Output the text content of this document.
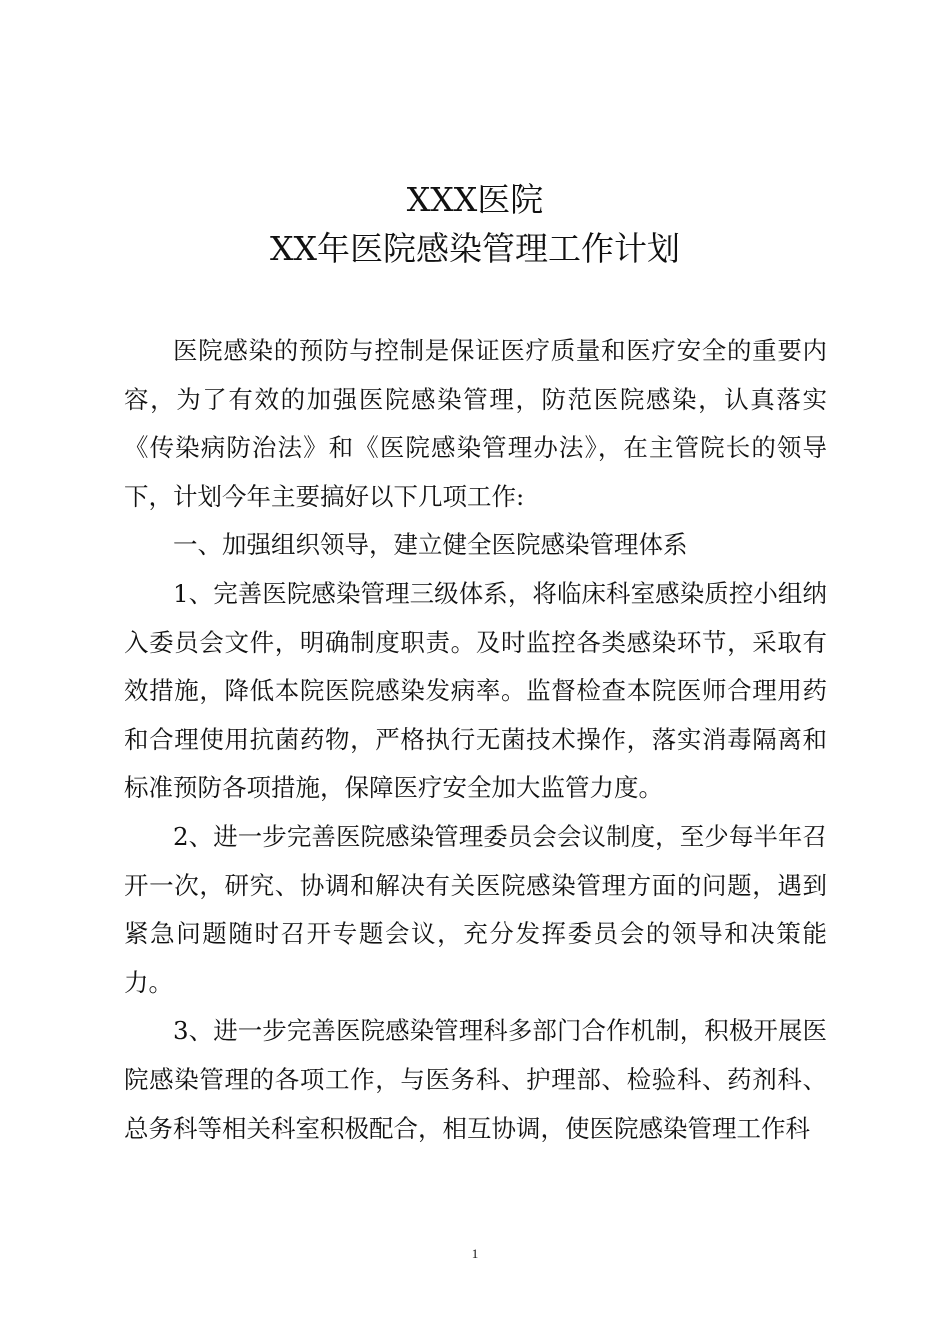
XXX医院
XX年医院感染管理工作计划

医院感染的预防与控制是保证医疗质量和医疗安全的重要内容，为了有效的加强医院感染管理，防范医院感染，认真落实《传染病防治法》和《医院感染管理办法》，在主管院长的领导下，计划今年主要搞好以下几项工作:

一、加强组织领导，建立健全医院感染管理体系

1、完善医院感染管理三级体系，将临床科室感染质控小组纳入委员会文件，明确制度职责。及时监控各类感染环节，采取有效措施，降低本院医院感染发病率。监督检查本院医师合理用药和合理使用抗菌药物，严格执行无菌技术操作，落实消毒隔离和标准预防各项措施，保障医疗安全加大监管力度。

2、进一步完善医院感染管理委员会会议制度，至少每半年召开一次，研究、协调和解决有关医院感染管理方面的问题，遇到紧急问题随时召开专题会议，充分发挥委员会的领导和决策能力。

3、进一步完善医院感染管理科多部门合作机制，积极开展医院感染管理的各项工作，与医务科、护理部、检验科、药剂科、总务科等相关科室积极配合，相互协调，使医院感染管理工作科

1
